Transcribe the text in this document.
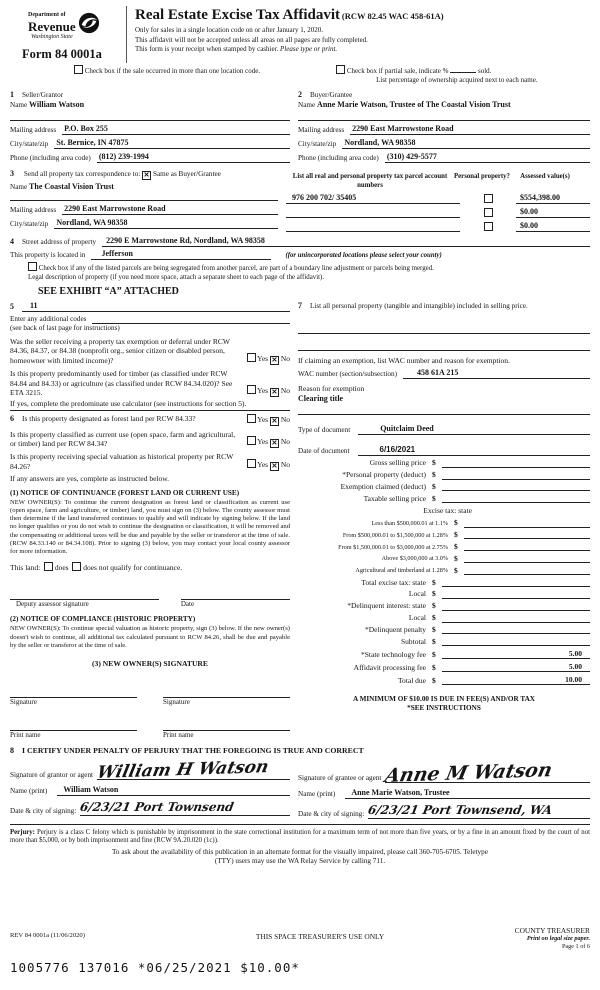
Department of
Revenue
Washington State
Form 84 0001a
Real Estate Excise Tax Affidavit (RCW 82.45 WAC 458-61A)
Only for sales in a single location code on or after January 1, 2020.
This affidavit will not be accepted unless all areas on all pages are fully completed.
This form is your receipt when stamped by cashier. Please type or print.
Check box if the sale occurred in more than one location code.	Check box if partial sale, indicate %	sold.
List percentage of ownership acquired next to each name.
1 Seller/Grantor
Name William Watson
Mailing address	P.O. Box 255
City/state/zip	St. Bernice, IN 47875
Phone (including area code)	(812) 239-1994
2 Buyer/Grantee
Name Anne Marie Watson, Trustee of The Coastal Vision Trust
Mailing address	2290 East Marrowstone Road
City/state/zip	Nordland, WA 98358
Phone (including area code)	(310) 429-5577
3 Send all property tax correspondence to: ✕ Same as Buyer/Grantee
Name The Coastal Vision Trust
Mailing address	2290 East Marrowstone Road
City/state/zip	Nordland, WA 98358
List all real and personal property tax parcel account numbers
Personal property?	Assessed value(s)
976 200 702/ 35405	$554,398.00
$0.00
$0.00
4	Street address of property	2290 E Marrowstone Rd, Nordland, WA 98358
This property is located in	Jefferson	(for unincorporated locations please select your county)
Check box if any of the listed parcels are being segregated from another parcel, are part of a boundary line adjustment or parcels being merged.
Legal description of property (if you need more space, attach a separate sheet to each page of the affidavit).
SEE EXHIBIT “A” ATTACHED
5	11
Enter any additional codes
(see back of last page for instructions)
Was the seller receiving a property tax exemption or deferral under RCW 84.36, 84.37, or 84.38 (nonprofit org., senior citizen or disabled person, homeowner with limited income)?	Yes ✕ No
Is this property predominantly used for timber (as classified under RCW 84.84 and 84.33) or agriculture (as classified under RCW 84.34.020)? See ETA 3215.	Yes ✕ No
If yes, complete the predominate use calculator (see instructions for section 5).
6 Is this property designated as forest land per RCW 84.33?	Yes ✕ No
Is this property classified as current use (open space, farm and agricultural, or timber) land per RCW 84.34?	Yes ✕ No
Is this property receiving special valuation as historical property per RCW 84.26?	Yes ✕ No
If any answers are yes, complete as instructed below.
(1) NOTICE OF CONTINUANCE (FOREST LAND OR CURRENT USE)
NEW OWNER(S): To continue the current designation as forest land or classification as current use (open space, farm and agriculture, or timber) land, you must sign on (3) below. The county assessor must then determine if the land transferred continues to qualify and will indicate by signing below. If the land no longer qualifies or you do not wish to continue the designation or classification, it will be removed and the compensating or additional taxes will be due and payable by the seller or transferor at the time of sale. (RCW 84.33.140 or 84.34.108). Prior to signing (3) below, you may contact your local county assessor for more information.
This land: does does not qualify for continuance.
Deputy assessor signature	Date
(2) NOTICE OF COMPLIANCE (HISTORIC PROPERTY)
NEW OWNER(S): To continue special valuation as historic property, sign (3) below. If the new owner(s) doesn't wish to continue, all additional tax calculated pursuant to RCW 84.26, shall be due and payable by the seller or transferor at the time of sale.
(3) NEW OWNER(S) SIGNATURE
Signature	Signature
Print name	Print name
7 List all personal property (tangible and intangible) included in selling price.
If claiming an exemption, list WAC number and reason for exemption.
WAC number (section/subsection)	458 61A 215
Reason for exemption
Clearing title
Type of document	Quitclaim Deed
Date of document	6/16/2021
Gross selling price $
*Personal property (deduct) $
Exemption claimed (deduct) $
Taxable selling price $
Excise tax: state
Less than $500,000.01 at 1.1% $
From $500,000.01 to $1,500,000 at 1.28% $
From $1,500,000.01 to $3,000,000 at 2.75% $
Above $3,000,000 at 3.0% $
Agricultural and timberland at 1.28% $
Total excise tax: state $
Local $
*Delinquent interest: state $
Local $
*Delinquent penalty $
Subtotal $
*State technology fee $	5.00
Affidavit processing fee $	5.00
Total due $	10.00
A MINIMUM OF $10.00 IS DUE IN FEE(S) AND/OR TAX
*SEE INSTRUCTIONS
8 I CERTIFY UNDER PENALTY OF PERJURY THAT THE FOREGOING IS TRUE AND CORRECT
Signature of grantor or agent William H Watson
Name (print)	William Watson
Date & city of signing: 6/23/21 Port Townsend
Signature of grantee or agent Anne M Watson
Name (print)	Anne Marie Watson, Trustee
Date & city of signing: 6/23/21 Port Townsend, WA
Perjury: Perjury is a class C felony which is punishable by imprisonment in the state correctional institution for a maximum term of not more than five years, or by a fine in an amount fixed by the court of not more than $5,000, or by both imprisonment and fine (RCW 9A.20.020 (1c)).
To ask about the availability of this publication in an alternate format for the visually impaired, please call 360-705-6705. Teletype
(TTY) users may use the WA Relay Service by calling 711.
REV 84 0001a (11/06/2020)	THIS SPACE TREASURER'S USE ONLY
COUNTY TREASURER
Print on legal size paper.
Page 1 of 6
1005776 137016 *06/25/2021 $10.00*
